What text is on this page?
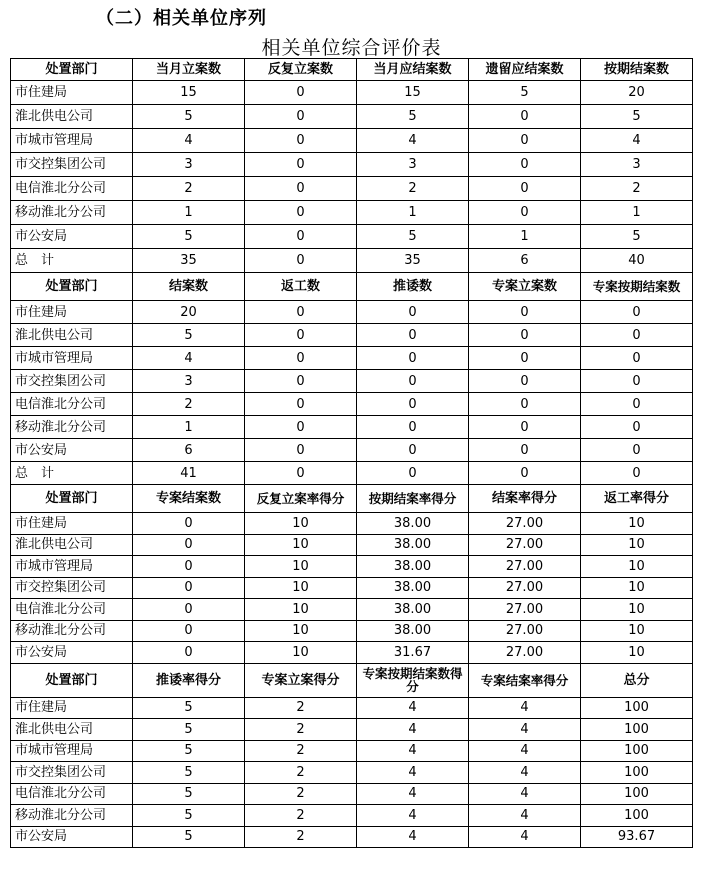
（二）相关单位序列
相关单位综合评价表
处置部门	当月立案数	反复立案数	当月应结案数	遗留应结案数	按期结案数
市住建局	15	0	15	5	20
淮北供电公司	5	0	5	0	5
市城市管理局	4	0	4	0	4
市交控集团公司	3	0	3	0	3
电信淮北分公司	2	0	2	0	2
移动淮北分公司	1	0	1	0	1
市公安局	5	0	5	1	5
总　计	35	0	35	6	40
处置部门	结案数	返工数	推诿数	专案立案数	专案按期结案数
市住建局	20	0	0	0	0
淮北供电公司	5	0	0	0	0
市城市管理局	4	0	0	0	0
市交控集团公司	3	0	0	0	0
电信淮北分公司	2	0	0	0	0
移动淮北分公司	1	0	0	0	0
市公安局	6	0	0	0	0
总　计	41	0	0	0	0
处置部门	专案结案数	反复立案率得分	按期结案率得分	结案率得分	返工率得分
市住建局	0	10	38.00	27.00	10
淮北供电公司	0	10	38.00	27.00	10
市城市管理局	0	10	38.00	27.00	10
市交控集团公司	0	10	38.00	27.00	10
电信淮北分公司	0	10	38.00	27.00	10
移动淮北分公司	0	10	38.00	27.00	10
市公安局	0	10	31.67	27.00	10
处置部门	推诿率得分	专案立案得分	专案按期结案数得分	专案结案率得分	总分
市住建局	5	2	4	4	100
淮北供电公司	5	2	4	4	100
市城市管理局	5	2	4	4	100
市交控集团公司	5	2	4	4	100
电信淮北分公司	5	2	4	4	100
移动淮北分公司	5	2	4	4	100
市公安局	5	2	4	4	93.67
